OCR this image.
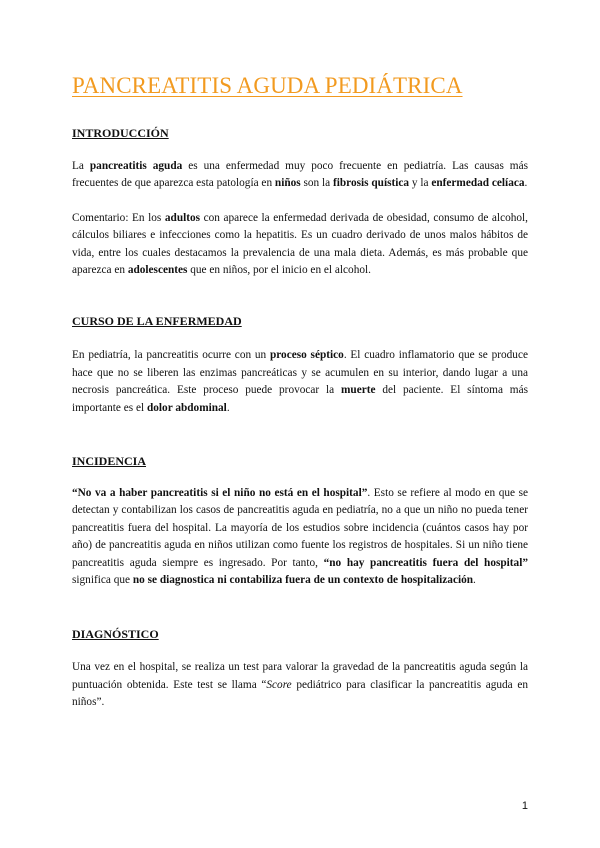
PANCREATITIS AGUDA PEDIÁTRICA
INTRODUCCIÓN

La pancreatitis aguda es una enfermedad muy poco frecuente en pediatría. Las causas más frecuentes de que aparezca esta patología en niños son la fibrosis quística y la enfermedad celíaca.

Comentario: En los adultos con aparece la enfermedad derivada de obesidad, consumo de alcohol, cálculos biliares e infecciones como la hepatitis. Es un cuadro derivado de unos malos hábitos de vida, entre los cuales destacamos la prevalencia de una mala dieta. Además, es más probable que aparezca en adolescentes que en niños, por el inicio en el alcohol.

CURSO DE LA ENFERMEDAD

En pediatría, la pancreatitis ocurre con un proceso séptico. El cuadro inflamatorio que se produce hace que no se liberen las enzimas pancreáticas y se acumulen en su interior, dando lugar a una necrosis pancreática. Este proceso puede provocar la muerte del paciente. El síntoma más importante es el dolor abdominal.

INCIDENCIA

“No va a haber pancreatitis si el niño no está en el hospital”. Esto se refiere al modo en que se detectan y contabilizan los casos de pancreatitis aguda en pediatría, no a que un niño no pueda tener pancreatitis fuera del hospital. La mayoría de los estudios sobre incidencia (cuántos casos hay por año) de pancreatitis aguda en niños utilizan como fuente los registros de hospitales. Si un niño tiene pancreatitis aguda siempre es ingresado. Por tanto, “no hay pancreatitis fuera del hospital” significa que no se diagnostica ni contabiliza fuera de un contexto de hospitalización.

DIAGNÓSTICO

Una vez en el hospital, se realiza un test para valorar la gravedad de la pancreatitis aguda según la puntuación obtenida. Este test se llama “Score pediátrico para clasificar la pancreatitis aguda en niños”.

1
